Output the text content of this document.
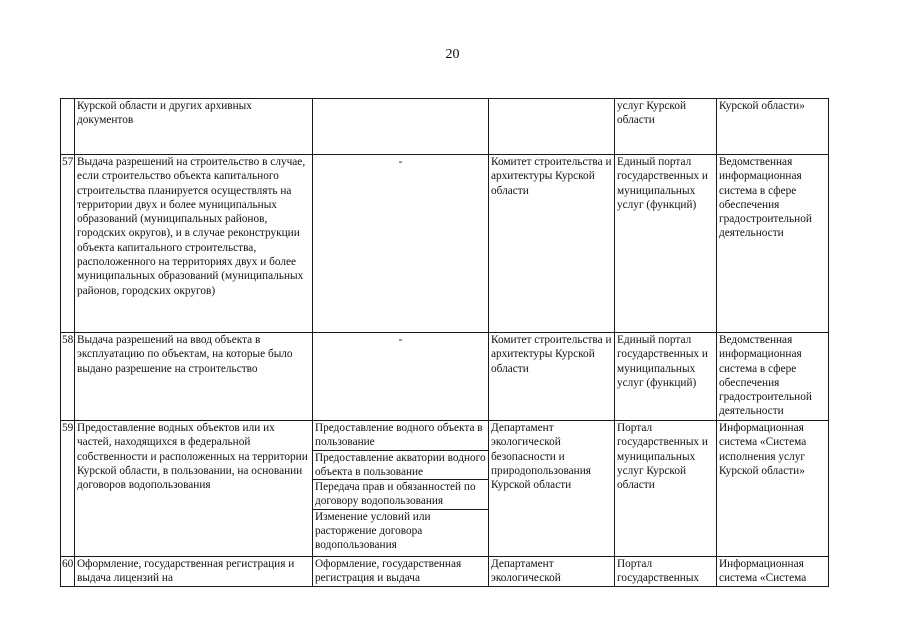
20
	Курской области и других архивных документов			услуг Курской области	Курской области»
57	Выдача разрешений на строительство в случае, если строительство объекта капитального строительства планируется осуществлять на территории двух и более муниципальных образований (муниципальных районов, городских округов), и в случае реконструкции объекта капитального строительства, расположенного на территориях двух и более муниципальных образований (муниципальных районов, городских округов)	-	Комитет строительства и архитектуры Курской области	Единый портал государственных и муниципальных услуг (функций)	Ведомственная информационная система в сфере обеспечения градостроительной деятельности
58	Выдача разрешений на ввод объекта в эксплуатацию по объектам, на которые было выдано разрешение на строительство	-	Комитет строительства и архитектуры Курской области	Единый портал государственных и муниципальных услуг (функций)	Ведомственная информационная система в сфере обеспечения градостроительной деятельности
59	Предоставление водных объектов или их частей, находящихся в федеральной собственности и расположенных на территории Курской области, в пользовании, на основании договоров водопользования	Предоставление водного объекта в пользование
Предоставление акватории водного объекта в пользование
Передача прав и обязанностей по договору водопользования
Изменение условий или расторжение договора водопользования	Департамент экологической безопасности и природопользования Курской области	Портал государственных и муниципальных услуг Курской области	Информационная система «Система исполнения услуг Курской области»
60	Оформление, государственная регистрация и выдача лицензий на	Оформление, государственная регистрация и выдача	Департамент экологической	Портал государственных	Информационная система «Система
